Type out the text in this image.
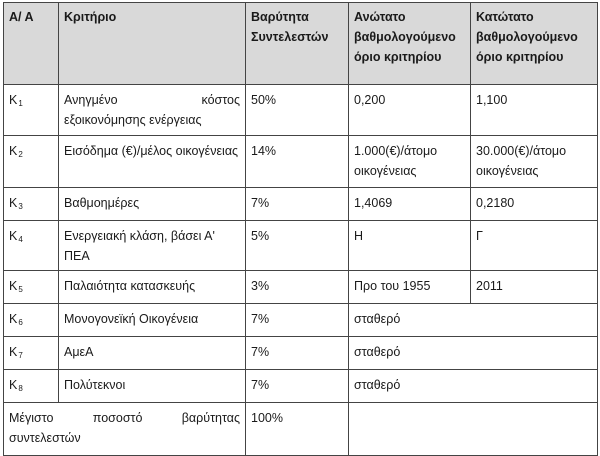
Α/ Α	Κριτήριο	Βαρύτητα Συντελεστών	Ανώτατο βαθμολογούμενο όριο κριτηρίου	Κατώτατο βαθμολογούμενο όριο κριτηρίου
$K_1$	Ανηγμένο κόστος εξοικονόμησης ενέργειας	50%	0,200	1,100
$K_2$	Εισόδημα (€)/μέλος οικογένειας	14%	1.000(€)/άτομο οικογένειας	30.000(€)/άτομο οικογένειας
$K_3$	Βαθμοημέρες	7%	1,4069	0,2180
$K_4$	Ενεργειακή κλάση, βάσει Α' ΠΕΑ	5%	Η	Γ
$K_5$	Παλαιότητα κατασκευής	3%	Προ του 1955	2011
$K_6$	Μονογονεϊκή Οικογένεια	7%	σταθερό	
$K_7$	ΑμεΑ	7%	σταθερό	
$K_8$	Πολύτεκνοι	7%	σταθερό	
Μέγιστο ποσοστό βαρύτητας συντελεστών		100%		
